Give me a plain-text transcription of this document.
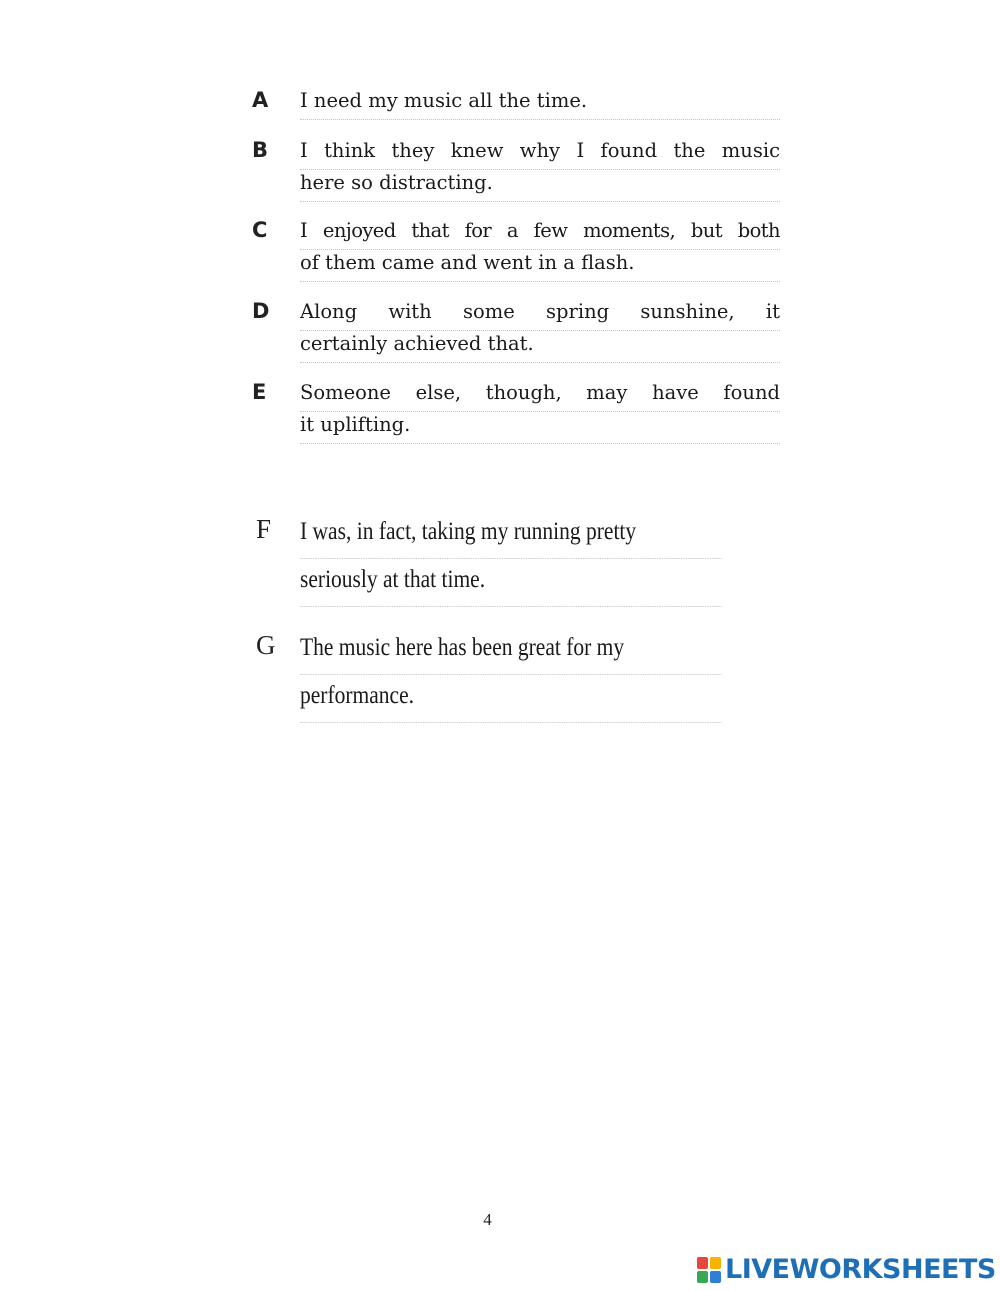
A I need my music all the time.
B I think they knew why I found the music
here so distracting.
C I enjoyed that for a few moments, but both
of them came and went in a flash.
D Along with some spring sunshine, it
certainly achieved that.
E Someone else, though, may have found
it uplifting.
F I was, in fact, taking my running pretty
seriously at that time.
G The music here has been great for my
performance.
4
LIVEWORKSHEETS
